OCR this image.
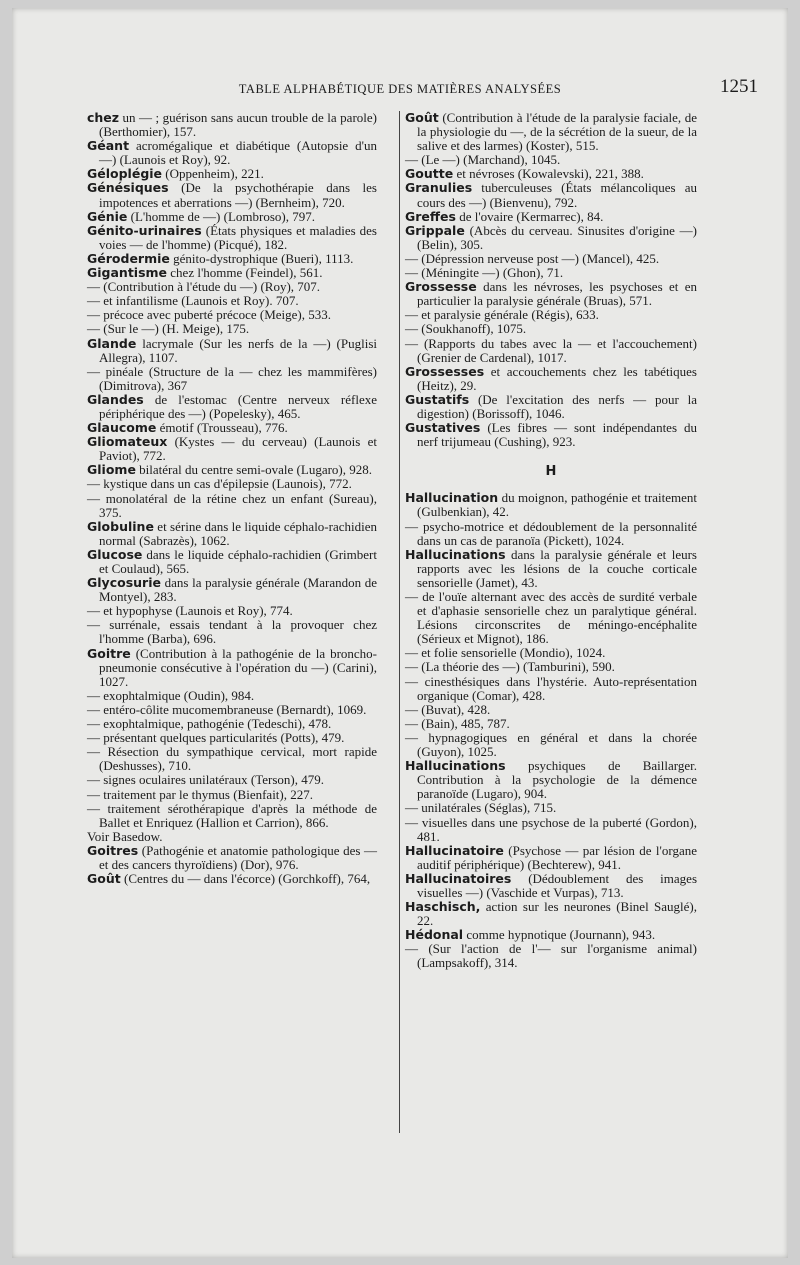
TABLE ALPHABÉTIQUE DES MATIÈRES ANALYSÉES	1251

chez un — ; guérison sans aucun trouble de la parole) (Berthomier), 157.

Géant acromégalique et diabétique (Autopsie d'un —) (Launois et Roy), 92.

Géloplégie (Oppenheim), 221.

Génésiques (De la psychothérapie dans les impotences et aberrations —) (Bernheim), 720.

Génie (L'homme de —) (Lombroso), 797.

Génito-urinaires (États physiques et maladies des voies — de l'homme) (Picqué), 182.

Gérodermie génito-dystrophique (Bueri), 1113.

Gigantisme chez l'homme (Feindel), 561.

— (Contribution à l'étude du —) (Roy), 707.

— et infantilisme (Launois et Roy). 707.

— précoce avec puberté précoce (Meige), 533.

— (Sur le —) (H. Meige), 175.

Glande lacrymale (Sur les nerfs de la —) (Puglisi Allegra), 1107.

— pinéale (Structure de la — chez les mammifères) (Dimitrova), 367

Glandes de l'estomac (Centre nerveux réflexe périphérique des —) (Popelesky), 465.

Glaucome émotif (Trousseau), 776.

Gliomateux (Kystes — du cerveau) (Launois et Paviot), 772.

Gliome bilatéral du centre semi-ovale (Lugaro), 928.

— kystique dans un cas d'épilepsie (Launois), 772.

— monolatéral de la rétine chez un enfant (Sureau), 375.

Globuline et sérine dans le liquide céphalo-rachidien normal (Sabrazès), 1062.

Glucose dans le liquide céphalo-rachidien (Grimbert et Coulaud), 565.

Glycosurie dans la paralysie générale (Marandon de Montyel), 283.

— et hypophyse (Launois et Roy), 774.

— surrénale, essais tendant à la provoquer chez l'homme (Barba), 696.

Goitre (Contribution à la pathogénie de la broncho-pneumonie consécutive à l'opération du —) (Carini), 1027.

— exophtalmique (Oudin), 984.

— entéro-côlite mucomembraneuse (Bernardt), 1069.

— exophtalmique, pathogénie (Tedeschi), 478.

— présentant quelques particularités (Potts), 479.

— Résection du sympathique cervical, mort rapide (Deshusses), 710.

— signes oculaires unilatéraux (Terson), 479.

— traitement par le thymus (Bienfait), 227.

— traitement sérothérapique d'après la méthode de Ballet et Enriquez (Hallion et Carrion), 866.

Voir Basedow.

Goitres (Pathogénie et anatomie pathologique des — et des cancers thyroïdiens) (Dor), 976.

Goût (Centres du — dans l'écorce) (Gorchkoff), 764,

Goût (Contribution à l'étude de la paralysie faciale, de la physiologie du —, de la sécrétion de la sueur, de la salive et des larmes) (Koster), 515.

— (Le —) (Marchand), 1045.

Goutte et névroses (Kowalevski), 221, 388.

Granulies tuberculeuses (États mélancoliques au cours des —) (Bienvenu), 792.

Greffes de l'ovaire (Kermarrec), 84.

Grippale (Abcès du cerveau. Sinusites d'origine —) (Belin), 305.

— (Dépression nerveuse post —) (Mancel), 425.

— (Méningite —) (Ghon), 71.

Grossesse dans les névroses, les psychoses et en particulier la paralysie générale (Bruas), 571.

— et paralysie générale (Régis), 633.

— (Soukhanoff), 1075.

— (Rapports du tabes avec la — et l'accouchement) (Grenier de Cardenal), 1017.

Grossesses et accouchements chez les tabétiques (Heitz), 29.

Gustatifs (De l'excitation des nerfs — pour la digestion) (Borissoff), 1046.

Gustatives (Les fibres — sont indépendantes du nerf trijumeau (Cushing), 923.

H

Hallucination du moignon, pathogénie et traitement (Gulbenkian), 42.

— psycho-motrice et dédoublement de la personnalité dans un cas de paranoïa (Pickett), 1024.

Hallucinations dans la paralysie générale et leurs rapports avec les lésions de la couche corticale sensorielle (Jamet), 43.

— de l'ouïe alternant avec des accès de surdité verbale et d'aphasie sensorielle chez un paralytique général. Lésions circonscrites de méningo-encéphalite (Sérieux et Mignot), 186.

— et folie sensorielle (Mondio), 1024.

— (La théorie des —) (Tamburini), 590.

— cinesthésiques dans l'hystérie. Auto-représentation organique (Comar), 428.

— (Buvat), 428.

— (Bain), 485, 787.

— hypnagogiques en général et dans la chorée (Guyon), 1025.

Hallucinations psychiques de Baillarger. Contribution à la psychologie de la démence paranoïde (Lugaro), 904.

— unilatérales (Séglas), 715.

— visuelles dans une psychose de la puberté (Gordon), 481.

Hallucinatoire (Psychose — par lésion de l'organe auditif périphérique) (Bechterew), 941.

Hallucinatoires (Dédoublement des images visuelles —) (Vaschide et Vurpas), 713.

Haschisch, action sur les neurones (Binel Sauglé), 22.

Hédonal comme hypnotique (Journann), 943.

— (Sur l'action de l'— sur l'organisme animal) (Lampsakoff), 314.
